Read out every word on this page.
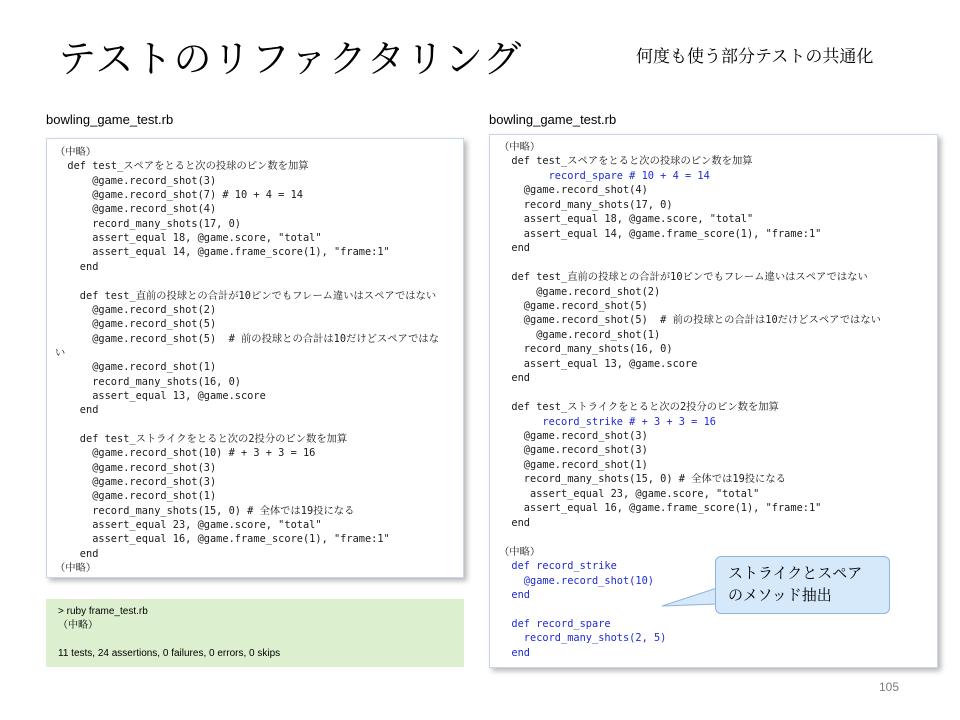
テストのリファクタリング	何度も使う部分テストの共通化
bowling_game_test.rb	bowling_game_test.rb
（中略）
def test_スペアをとると次の投球のピン数を加算
@game.record_shot(3)
@game.record_shot(7) # 10 + 4 = 14
@game.record_shot(4)
record_many_shots(17, 0)
assert_equal 18, @game.score, "total"
assert_equal 14, @game.frame_score(1), "frame:1"
end
def test_直前の投球との合計が10ピンでもフレーム違いはスペアではない
@game.record_shot(2)
@game.record_shot(5)
@game.record_shot(5)  # 前の投球との合計は10だけどスペアではな
い
@game.record_shot(1)
record_many_shots(16, 0)
assert_equal 13, @game.score
end
def test_ストライクをとると次の2投分のピン数を加算
@game.record_shot(10) # + 3 + 3 = 16
@game.record_shot(3)
@game.record_shot(3)
@game.record_shot(1)
record_many_shots(15, 0) # 全体では19投になる
assert_equal 23, @game.score, "total"
assert_equal 16, @game.frame_score(1), "frame:1"
end
（中略）
（中略）
def test_スペアをとると次の投球のピン数を加算
record_spare # 10 + 4 = 14
@game.record_shot(4)
record_many_shots(17, 0)
assert_equal 18, @game.score, "total"
assert_equal 14, @game.frame_score(1), "frame:1"
end
def test_直前の投球との合計が10ピンでもフレーム違いはスペアではない
@game.record_shot(2)
@game.record_shot(5)
@game.record_shot(5)  # 前の投球との合計は10だけどスペアではない
@game.record_shot(1)
record_many_shots(16, 0)
assert_equal 13, @game.score
end
def test_ストライクをとると次の2投分のピン数を加算
record_strike # + 3 + 3 = 16
@game.record_shot(3)
@game.record_shot(3)
@game.record_shot(1)
record_many_shots(15, 0) # 全体では19投になる
assert_equal 23, @game.score, "total"
assert_equal 16, @game.frame_score(1), "frame:1"
end
（中略）
def record_strike
@game.record_shot(10)
end
def record_spare
record_many_shots(2, 5)
end
> ruby frame_test.rb
（中略）
11 tests, 24 assertions, 0 failures, 0 errors, 0 skips
ストライクとスペア
のメソッド抽出
105
